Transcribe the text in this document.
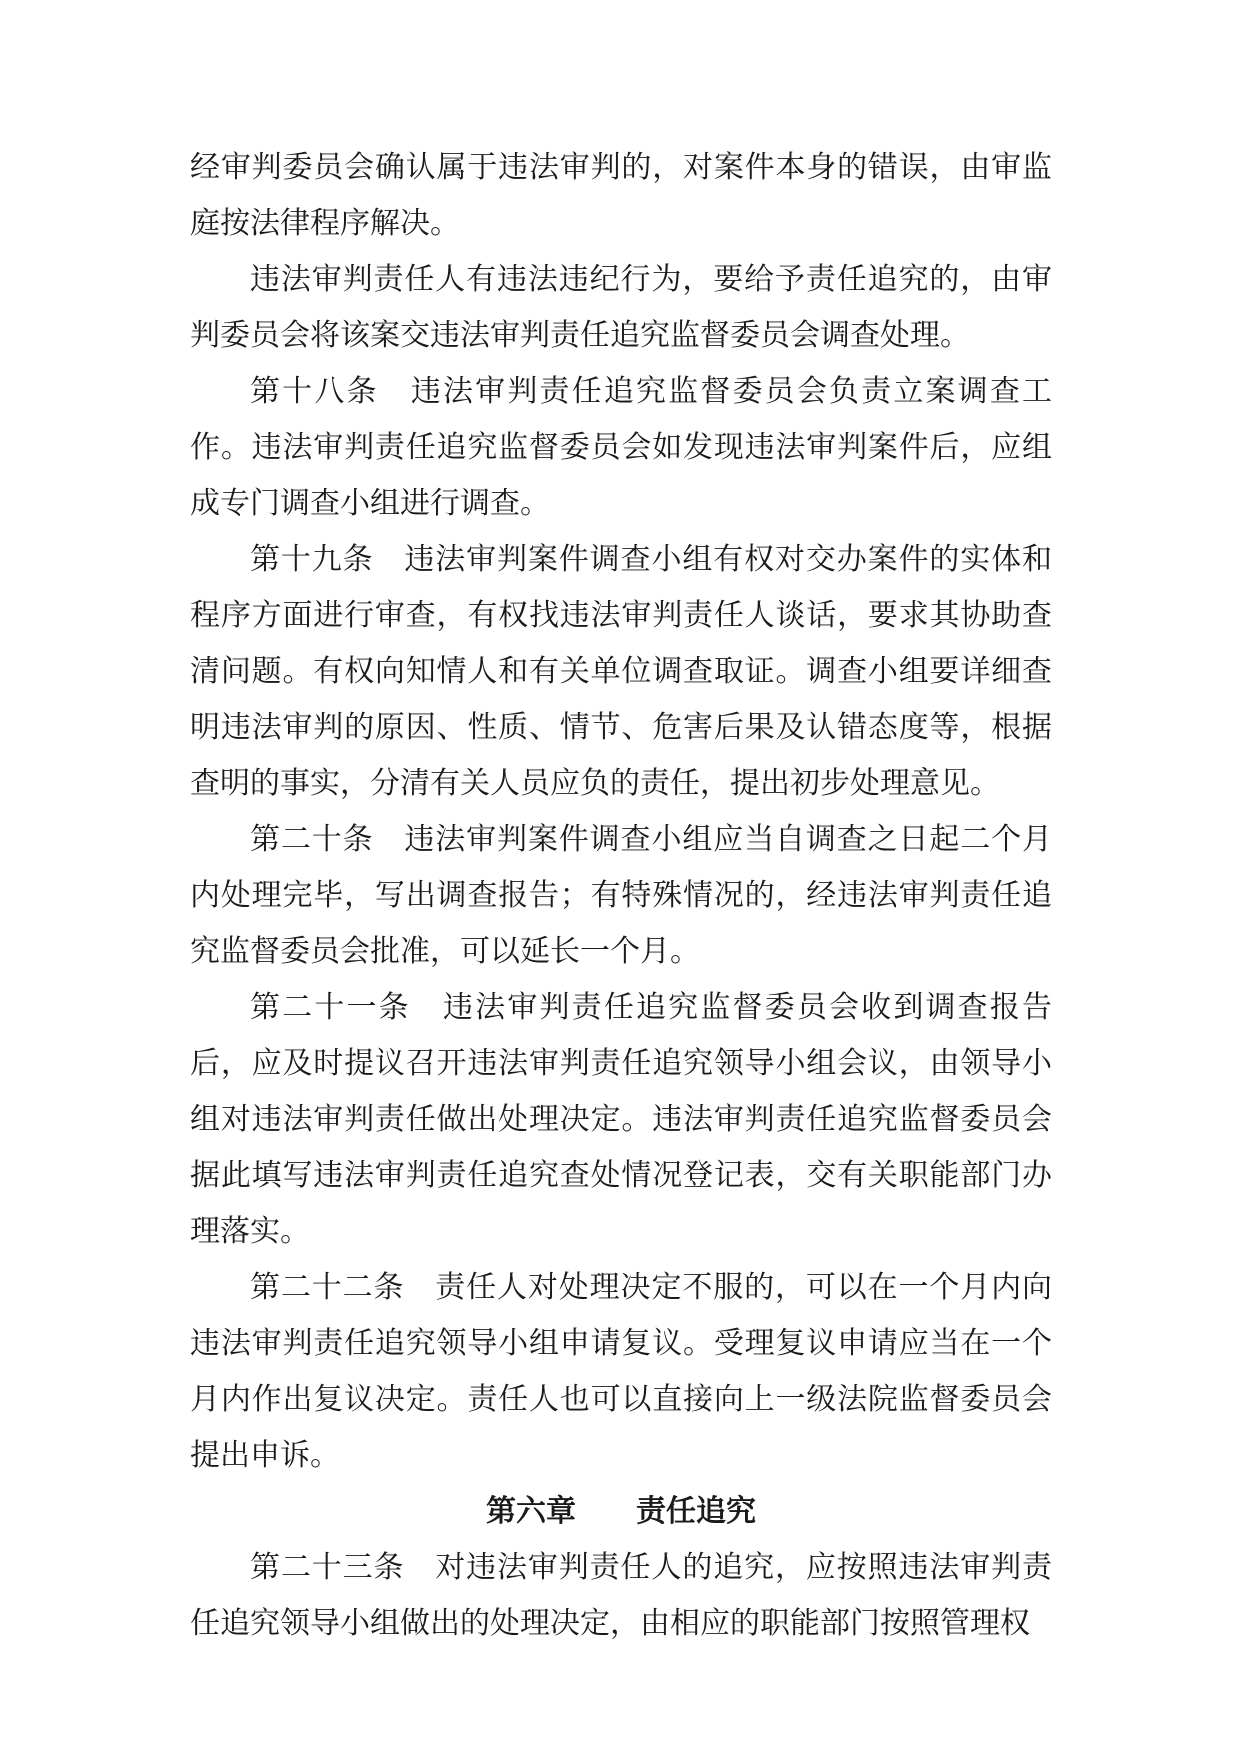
经审判委员会确认属于违法审判的，对案件本身的错误，由审监庭按法律程序解决。

违法审判责任人有违法违纪行为，要给予责任追究的，由审判委员会将该案交违法审判责任追究监督委员会调查处理。

第十八条　违法审判责任追究监督委员会负责立案调查工作。违法审判责任追究监督委员会如发现违法审判案件后，应组成专门调查小组进行调查。

第十九条　违法审判案件调查小组有权对交办案件的实体和程序方面进行审查，有权找违法审判责任人谈话，要求其协助查清问题。有权向知情人和有关单位调查取证。调查小组要详细查明违法审判的原因、性质、情节、危害后果及认错态度等，根据查明的事实，分清有关人员应负的责任，提出初步处理意见。

第二十条　违法审判案件调查小组应当自调查之日起二个月内处理完毕，写出调查报告；有特殊情况的，经违法审判责任追究监督委员会批准，可以延长一个月。

第二十一条　违法审判责任追究监督委员会收到调查报告后，应及时提议召开违法审判责任追究领导小组会议，由领导小组对违法审判责任做出处理决定。违法审判责任追究监督委员会据此填写违法审判责任追究查处情况登记表，交有关职能部门办理落实。

第二十二条　责任人对处理决定不服的，可以在一个月内向违法审判责任追究领导小组申请复议。受理复议申请应当在一个月内作出复议决定。责任人也可以直接向上一级法院监督委员会提出申诉。

第六章　　责任追究

第二十三条　对违法审判责任人的追究，应按照违法审判责任追究领导小组做出的处理决定，由相应的职能部门按照管理权
